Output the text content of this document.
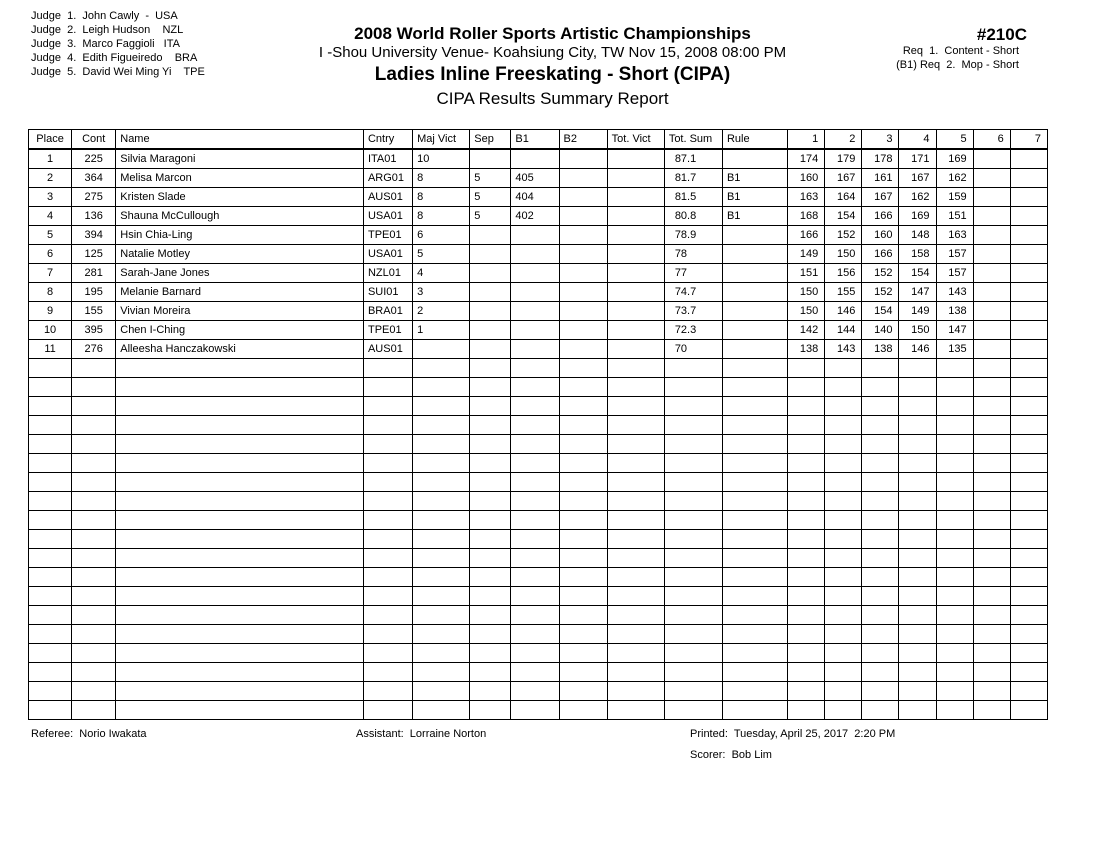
Judge  1.  John Cawly  -  USA
Judge  2.  Leigh Hudson    NZL
Judge  3.  Marco Faggioli   ITA
Judge  4.  Edith Figueiredo    BRA
Judge  5.  David Wei Ming Yi    TPE
2008 World Roller Sports Artistic Championships
I -Shou University Venue- Koahsiung City, TW Nov 15, 2008 08:00 PM
Ladies Inline Freeskating - Short (CIPA)
CIPA Results Summary Report
#210C
Req  1.  Content - Short
(B1) Req  2.  Mop - Short
Place	Cont	Name	Cntry	Maj Vict	Sep	B1	B2	Tot. Vict	Tot. Sum	Rule	1	2	3	4	5	6	7
1	225	Silvia Maragoni	ITA01	10					87.1		174	179	178	171	169		
2	364	Melisa Marcon	ARG01	8	5	405			81.7	B1	160	167	161	167	162		
3	275	Kristen Slade	AUS01	8	5	404			81.5	B1	163	164	167	162	159		
4	136	Shauna McCullough	USA01	8	5	402			80.8	B1	168	154	166	169	151		
5	394	Hsin Chia-Ling	TPE01	6					78.9		166	152	160	148	163		
6	125	Natalie Motley	USA01	5					78		149	150	166	158	157		
7	281	Sarah-Jane Jones	NZL01	4					77		151	156	152	154	157		
8	195	Melanie Barnard	SUI01	3					74.7		150	155	152	147	143		
9	155	Vivian Moreira	BRA01	2					73.7		150	146	154	149	138		
10	395	Chen I-Ching	TPE01	1					72.3		142	144	140	150	147		
11	276	Alleesha Hanczakowski	AUS01						70		138	143	138	146	135		

Referee:  Norio Iwakata	Assistant:  Lorraine Norton	Printed:  Tuesday, April 25, 2017  2:20 PM
Scorer:  Bob Lim
